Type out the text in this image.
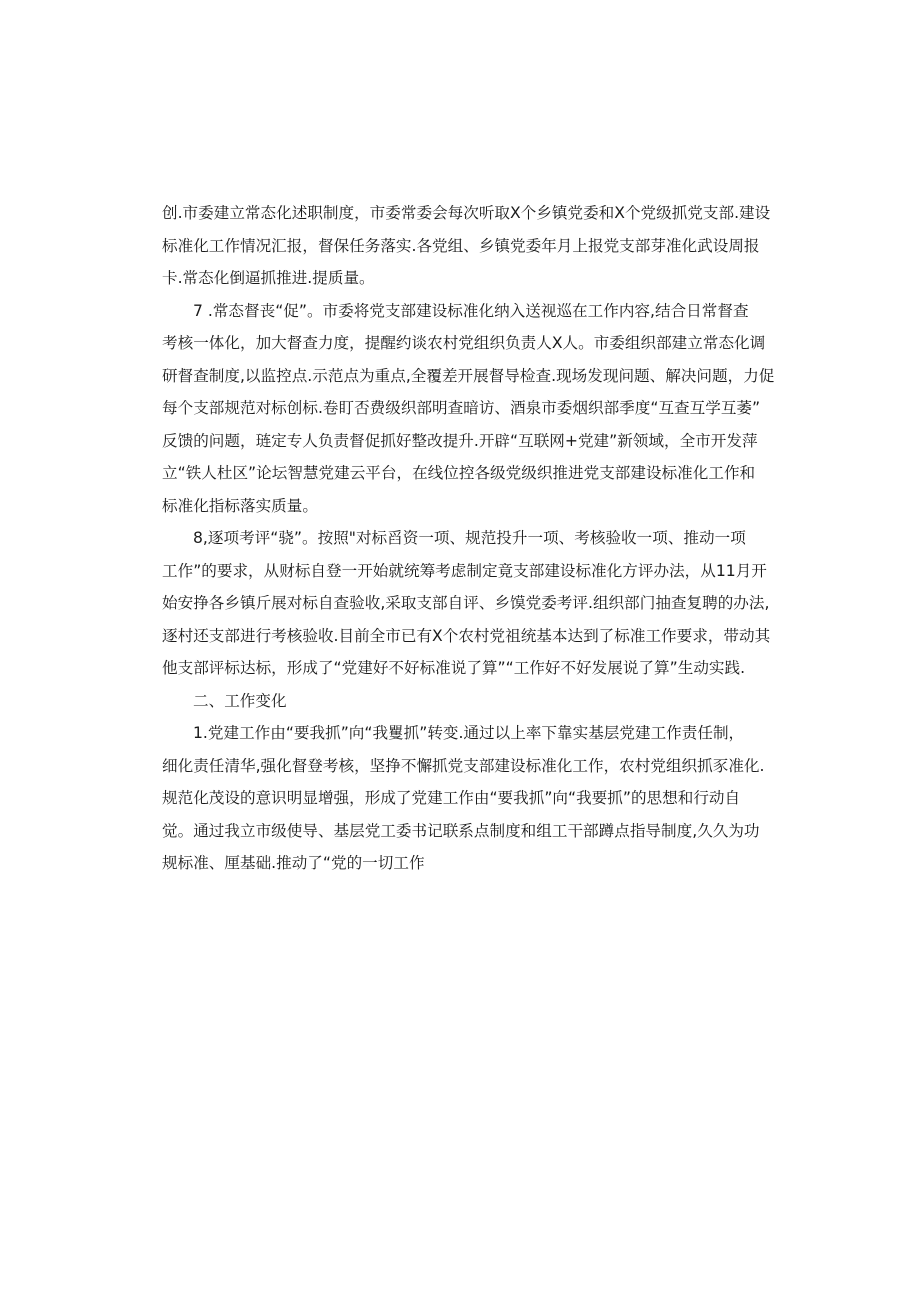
创.市委建立常态化述职制度，市委常委会每次听取X个乡镇党委和X个党级抓党支部.建设
标准化工作情况汇报，督保任务落实.各党组、乡镇党委年月上报党支部芽准化武设周报
卡.常态化倒逼抓推进.提质量。
7 .常态督丧“促”。市委将党支部建设标准化纳入送视巡在工作内容,结合日常督查
考核一体化，加大督查力度，提醒约谈农村党组织负责人X人。市委组织部建立常态化调
研督查制度,以监控点.示范点为重点,全覆差开展督导检查.现场发现问题、解决问题，力促
每个支部规范对标创标.卷盯否费级织部明查暗访、酒泉市委烟织部季度“互查互学互萎”
反馈的问题，琏定专人负责督促抓好整改提升.开辟“互联网+党建”新领域，全市开发萍
立“铁人杜区”论坛智慧党建云平台，在线位控各级党级织推进党支部建设标准化工作和
标准化指标落实质量。
8,逐项考评“骁”。按照"对标舀资一项、规范投升一项、考核验收一项、推动一项
工作”的要求，从财标自登一开始就统筹考虑制定竟支部建设标准化方评办法，从11月开
始安挣各乡镇斤展对标自查验收,采取支部自评、乡馍党委考评.组织部门抽查复聘的办法,
逐村还支部进行考核验收.目前全市已有X个农村党祖统基本达到了标准工作要求，带动其
他支部评标达标，形成了“党建好不好标准说了算”“工作好不好发展说了算”生动实践.
二、工作变化
1.党建工作由“要我抓”向“我矍抓”转变.通过以上率下靠实基层党建工作责任制，
细化责任清华,强化督登考核，坚挣不懈抓党支部建设标准化工作，农村党组织抓豕准化.
规范化茂设的意识明显增强，形成了党建工作由“要我抓”向“我要抓”的思想和行动自
觉。通过我立市级使导、基层党工委书记联系点制度和组工干部蹲点指导制度,久久为功
规标准、厘基础.推动了“党的一切工作
